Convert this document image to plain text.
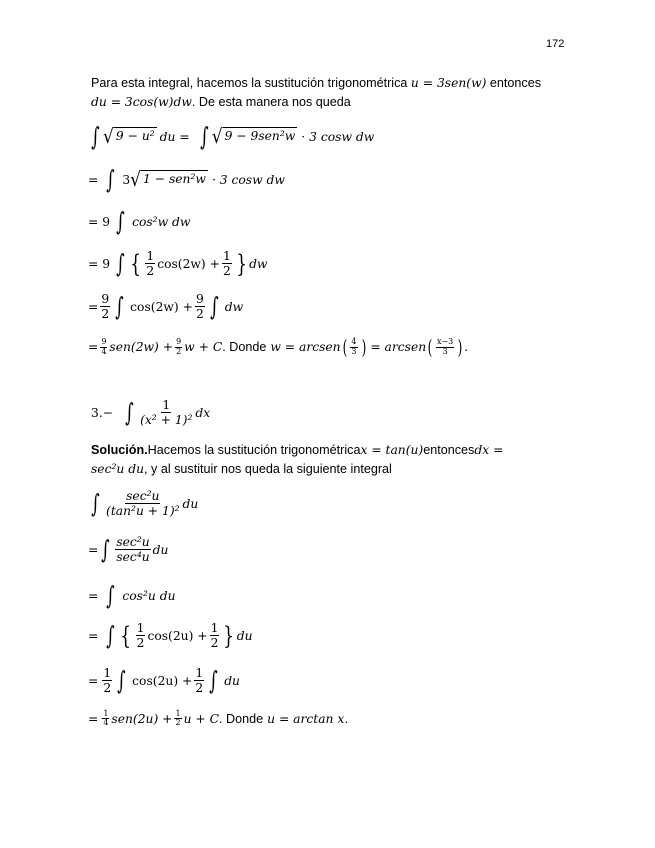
172
Para esta integral, hacemos la sustitución trigonométrica u = 3sen(w) entonces
du = 3cos(w)dw. De esta manera nos queda
∫ √ 9 − u² du = ∫ √ 9 − 9sen²w · 3 cosw dw
= ∫ 3 √ 1 − sen²w · 3 cosw dw
= 9 ∫ cos²w dw
= 9 ∫ { $\frac{1}{2} \cos(2w) + \frac{1}{2}$ } dw
= $\frac{9}{2}$ ∫ $\cos(2w) + \frac{9}{2}$ ∫ dw
= $\frac{9}{4} sen(2w) + \frac{9}{2}$ w + C . Donde w = arcsen ( $\frac{4}{3}$ ) = arcsen ( $\frac{x-3}{3}$ ) .
3.− ∫ $\frac{1}{\text{(x² + 1)²}}$ dx
Solución. Hacemos la sustitución trigonométrica x = tan(u) entonces dx =
sec²u du, y al sustituir nos queda la siguiente integral
∫ $\frac{\text{sec²u}}{\text{(tan²u + 1)²}}$ du
= ∫ $\frac{\text{sec²u}}{\text{sec⁴u}}$ du
= ∫ cos²u du
= ∫ { $\frac{1}{2} \cos(2u) + \frac{1}{2}$ } du
= $\frac{1}{2}$ ∫ $\cos(2u) + \frac{1}{2}$ ∫ du
= $\frac{1}{4} sen(2u) + \frac{1}{2}$ u + C . Donde u = arctan x .
